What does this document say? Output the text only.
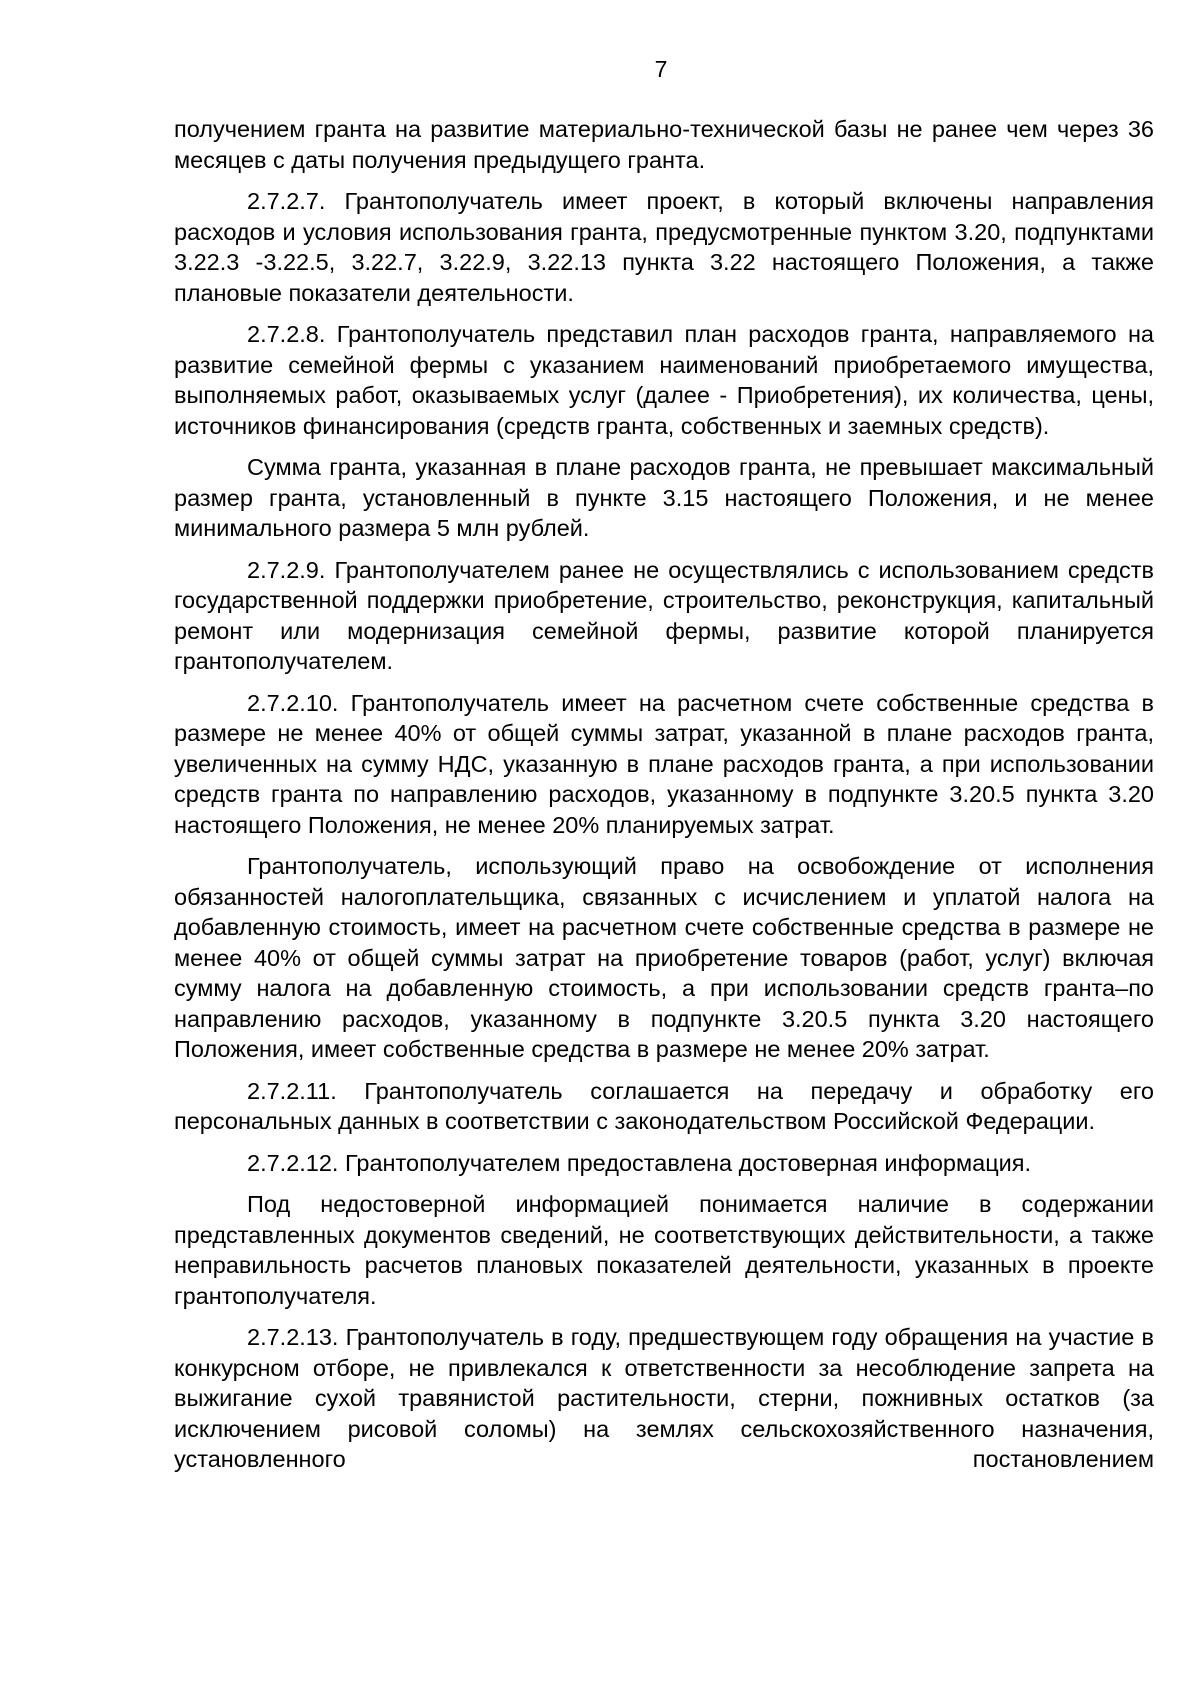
7

получением гранта на развитие материально-технической базы не ранее чем через 36 месяцев с даты получения предыдущего гранта.

2.7.2.7. Грантополучатель имеет проект, в который включены направления расходов и условия использования гранта, предусмотренные пунктом 3.20, подпунктами 3.22.3 -3.22.5, 3.22.7, 3.22.9, 3.22.13 пункта 3.22 настоящего Положения, а также плановые показатели деятельности.

2.7.2.8. Грантополучатель представил план расходов гранта, направляемого на развитие семейной фермы с указанием наименований приобретаемого имущества, выполняемых работ, оказываемых услуг (далее - Приобретения), их количества, цены, источников финансирования (средств гранта, собственных и заемных средств).

Сумма гранта, указанная в плане расходов гранта, не превышает максимальный размер гранта, установленный в пункте 3.15 настоящего Положения, и не менее минимального размера 5 млн рублей.

2.7.2.9. Грантополучателем ранее не осуществлялись с использованием средств государственной поддержки приобретение, строительство, реконструкция, капитальный ремонт или модернизация семейной фермы, развитие которой планируется грантополучателем.

2.7.2.10. Грантополучатель имеет на расчетном счете собственные средства в размере не менее 40% от общей суммы затрат, указанной в плане расходов гранта, увеличенных на сумму НДС, указанную в плане расходов гранта, а при использовании средств гранта по направлению расходов, указанному в подпункте 3.20.5 пункта 3.20 настоящего Положения, не менее 20% планируемых затрат.

Грантополучатель, использующий право на освобождение от исполнения обязанностей налогоплательщика, связанных с исчислением и уплатой налога на добавленную стоимость, имеет на расчетном счете собственные средства в размере не менее 40% от общей суммы затрат на приобретение товаров (работ, услуг) включая сумму налога на добавленную стоимость, а при использовании средств гранта–по направлению расходов, указанному в подпункте 3.20.5 пункта 3.20 настоящего Положения, имеет собственные средства в размере не менее 20% затрат.

2.7.2.11. Грантополучатель соглашается на передачу и обработку его персональных данных в соответствии с законодательством Российской Федерации.

2.7.2.12. Грантополучателем предоставлена достоверная информация.

Под недостоверной информацией понимается наличие в содержании представленных документов сведений, не соответствующих действительности, а также неправильность расчетов плановых показателей деятельности, указанных в проекте грантополучателя.

2.7.2.13. Грантополучатель в году, предшествующем году обращения на участие в конкурсном отборе, не привлекался к ответственности за несоблюдение запрета на выжигание сухой травянистой растительности, стерни, пожнивных остатков (за исключением рисовой соломы) на землях сельскохозяйственного назначения, установленного постановлением
